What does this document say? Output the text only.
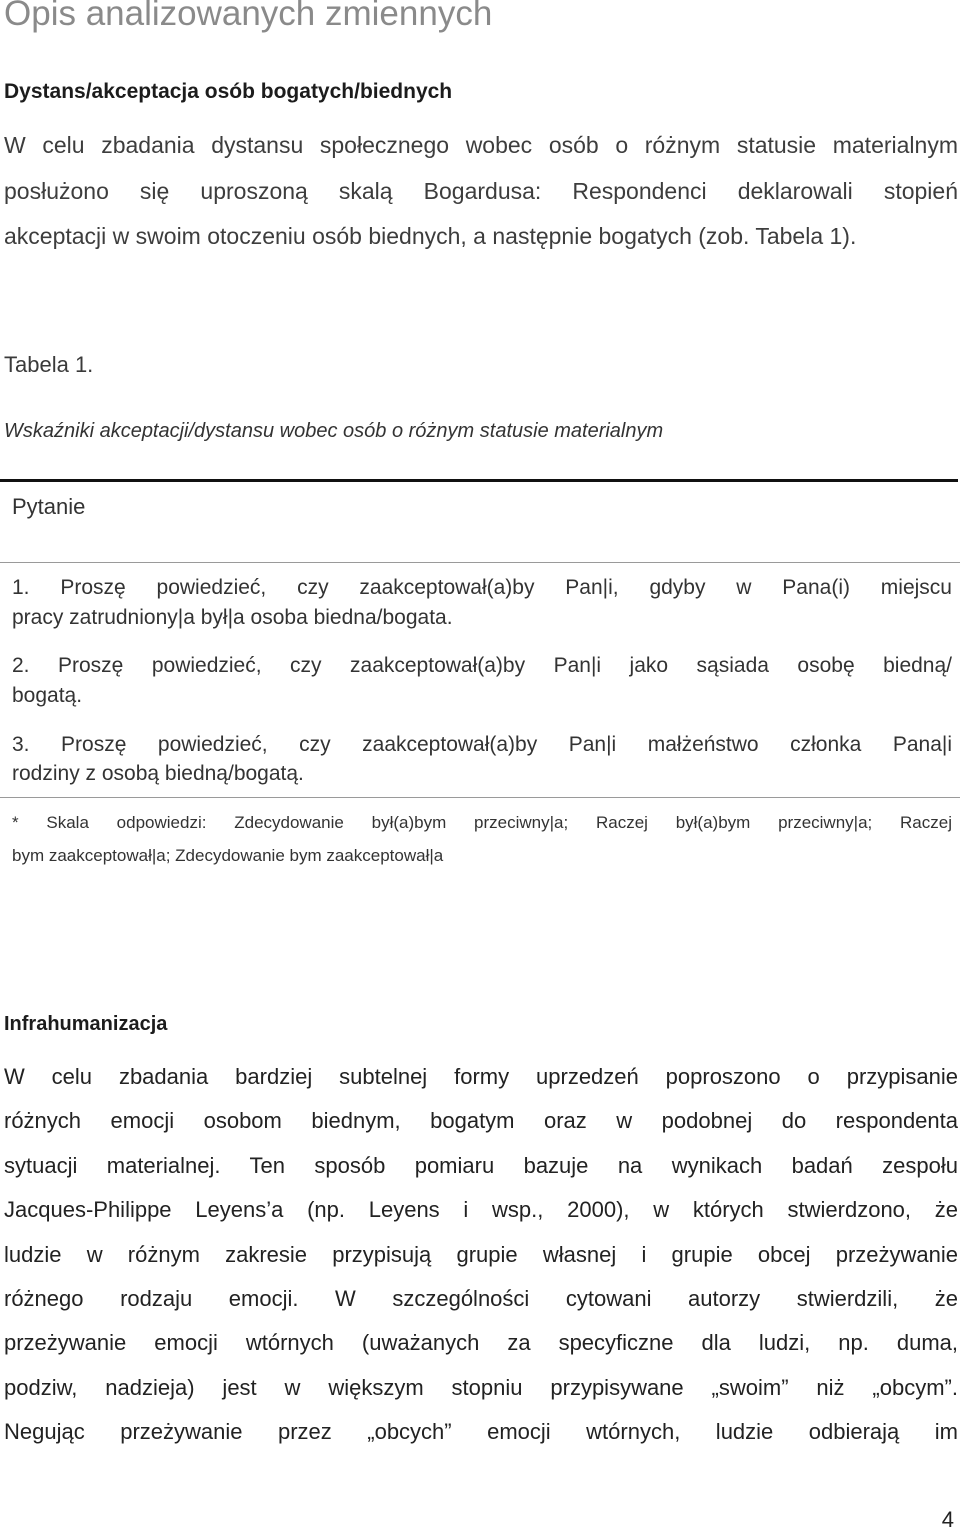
Opis analizowanych zmiennych
Dystans/akceptacja osób bogatych/biednych
W celu zbadania dystansu społecznego wobec osób o różnym statusie materialnym
posłużono się uproszoną skalą Bogardusa: Respondenci deklarowali stopień
akceptacji w swoim otoczeniu osób biednych, a następnie bogatych (zob. Tabela 1).
Tabela 1.
Wskaźniki akceptacji/dystansu wobec osób o różnym statusie materialnym
Pytanie
1. Proszę powiedzieć, czy zaakceptował(a)by Pan|i, gdyby w Pana(i) miejscu
pracy zatrudniony|a był|a osoba biedna/bogata.
2. Proszę powiedzieć, czy zaakceptował(a)by Pan|i jako sąsiada osobę biedną/
bogatą.
3. Proszę powiedzieć, czy zaakceptował(a)by Pan|i małżeństwo członka Pana|i
rodziny z osobą biedną/bogatą.
* Skala odpowiedzi: Zdecydowanie był(a)bym przeciwny|a; Raczej był(a)bym przeciwny|a; Raczej
bym zaakceptował|a; Zdecydowanie bym zaakceptował|a
Infrahumanizacja
W celu zbadania bardziej subtelnej formy uprzedzeń poproszono o przypisanie
różnych emocji osobom biednym, bogatym oraz w podobnej do respondenta
sytuacji materialnej. Ten sposób pomiaru bazuje na wynikach badań zespołu
Jacques-Philippe Leyens’a (np. Leyens i wsp., 2000), w których stwierdzono, że
ludzie w różnym zakresie przypisują grupie własnej i grupie obcej przeżywanie
różnego rodzaju emocji. W szczególności cytowani autorzy stwierdzili, że
przeżywanie emocji wtórnych (uważanych za specyficzne dla ludzi, np. duma,
podziw, nadzieja) jest w większym stopniu przypisywane „swoim” niż „obcym”.
Negując przeżywanie przez „obcych” emocji wtórnych, ludzie odbierają im
4
